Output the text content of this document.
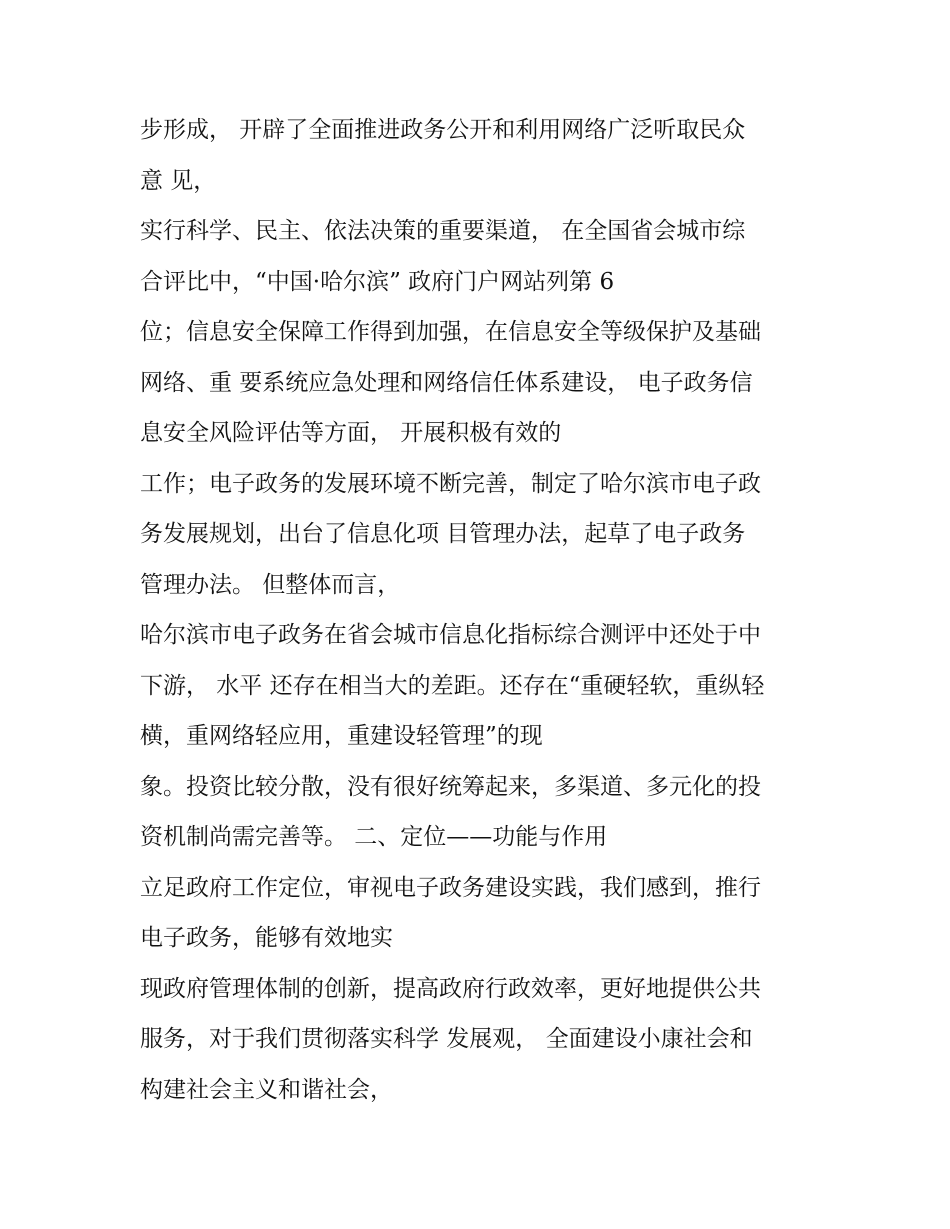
步形成， 开辟了全面推进政务公开和利用网络广泛听取民众
意 见，
实行科学、民主、依法决策的重要渠道， 在全国省会城市综
合评比中，“中国·哈尔滨” 政府门户网站列第 6
位；信息安全保障工作得到加强，在信息安全等级保护及基础
网络、重 要系统应急处理和网络信任体系建设， 电子政务信
息安全风险评估等方面， 开展积极有效的
工作；电子政务的发展环境不断完善，制定了哈尔滨市电子政
务发展规划，出台了信息化项 目管理办法，起草了电子政务
管理办法。 但整体而言，
哈尔滨市电子政务在省会城市信息化指标综合测评中还处于中
下游， 水平 还存在相当大的差距。还存在“重硬轻软，重纵轻
横，重网络轻应用，重建设轻管理”的现
象。投资比较分散，没有很好统筹起来，多渠道、多元化的投
资机制尚需完善等。 二、定位——功能与作用
立足政府工作定位，审视电子政务建设实践，我们感到，推行
电子政务，能够有效地实
现政府管理体制的创新，提高政府行政效率，更好地提供公共
服务，对于我们贯彻落实科学 发展观， 全面建设小康社会和
构建社会主义和谐社会，
